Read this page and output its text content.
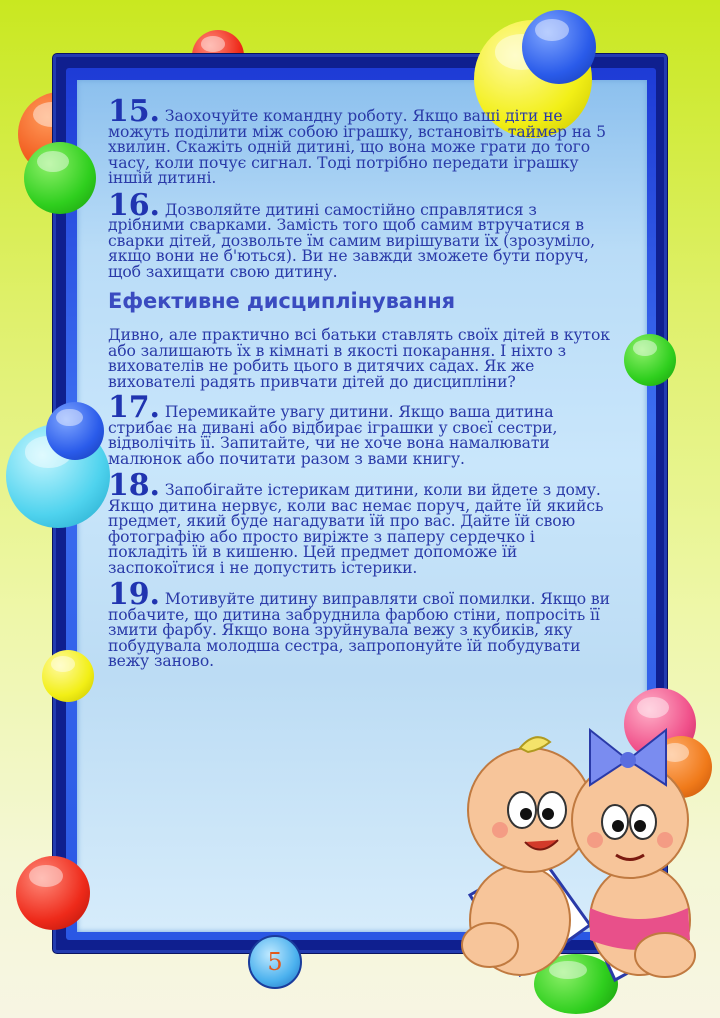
15. Заохочуйте командну роботу. Якщо ваші діти не можуть поділити між собою іграшку, встановіть таймер на 5 хвилин. Скажіть одній дитині, що вона може грати до того часу, коли почує сигнал. Тоді потрібно передати іграшку іншій дитині.
16. Дозволяйте дитині самостійно справлятися з дрібними сварками. Замість того щоб самим втручатися в сварки дітей, дозвольте їм самим вирішувати їх (зрозуміло, якщо вони не б'ються). Ви не завжди зможете бути поруч, щоб захищати свою дитину.
Ефективне дисциплінування
Дивно, але практично всі батьки ставлять своїх дітей в куток або залишають їх в кімнаті в якості покарання. І ніхто з вихователів не робить цього в дитячих садах. Як же вихователі радять привчати дітей до дисципліни?
17. Перемикайте увагу дитини. Якщо ваша дитина стрибає на дивані або відбирає іграшки у своєї сестри, відволічіть її. Запитайте, чи не хоче вона намалювати малюнок або почитати разом з вами книгу.
18. Запобігайте істерикам дитини, коли ви йдете з дому. Якщо дитина нервує, коли вас немає поруч, дайте їй якийсь предмет, який буде нагадувати їй про вас. Дайте їй свою фотографію або просто виріжте з паперу сердечко і покладіть їй в кишеню. Цей предмет допоможе їй заспокоїтися і не допустить істерики.
19. Мотивуйте дитину виправляти свої помилки. Якщо ви побачите, що дитина забруднила фарбою стіни, попросіть її змити фарбу. Якщо вона зруйнувала вежу з кубиків, яку побудувала молодша сестра, запропонуйте їй побудувати вежу заново.
5
